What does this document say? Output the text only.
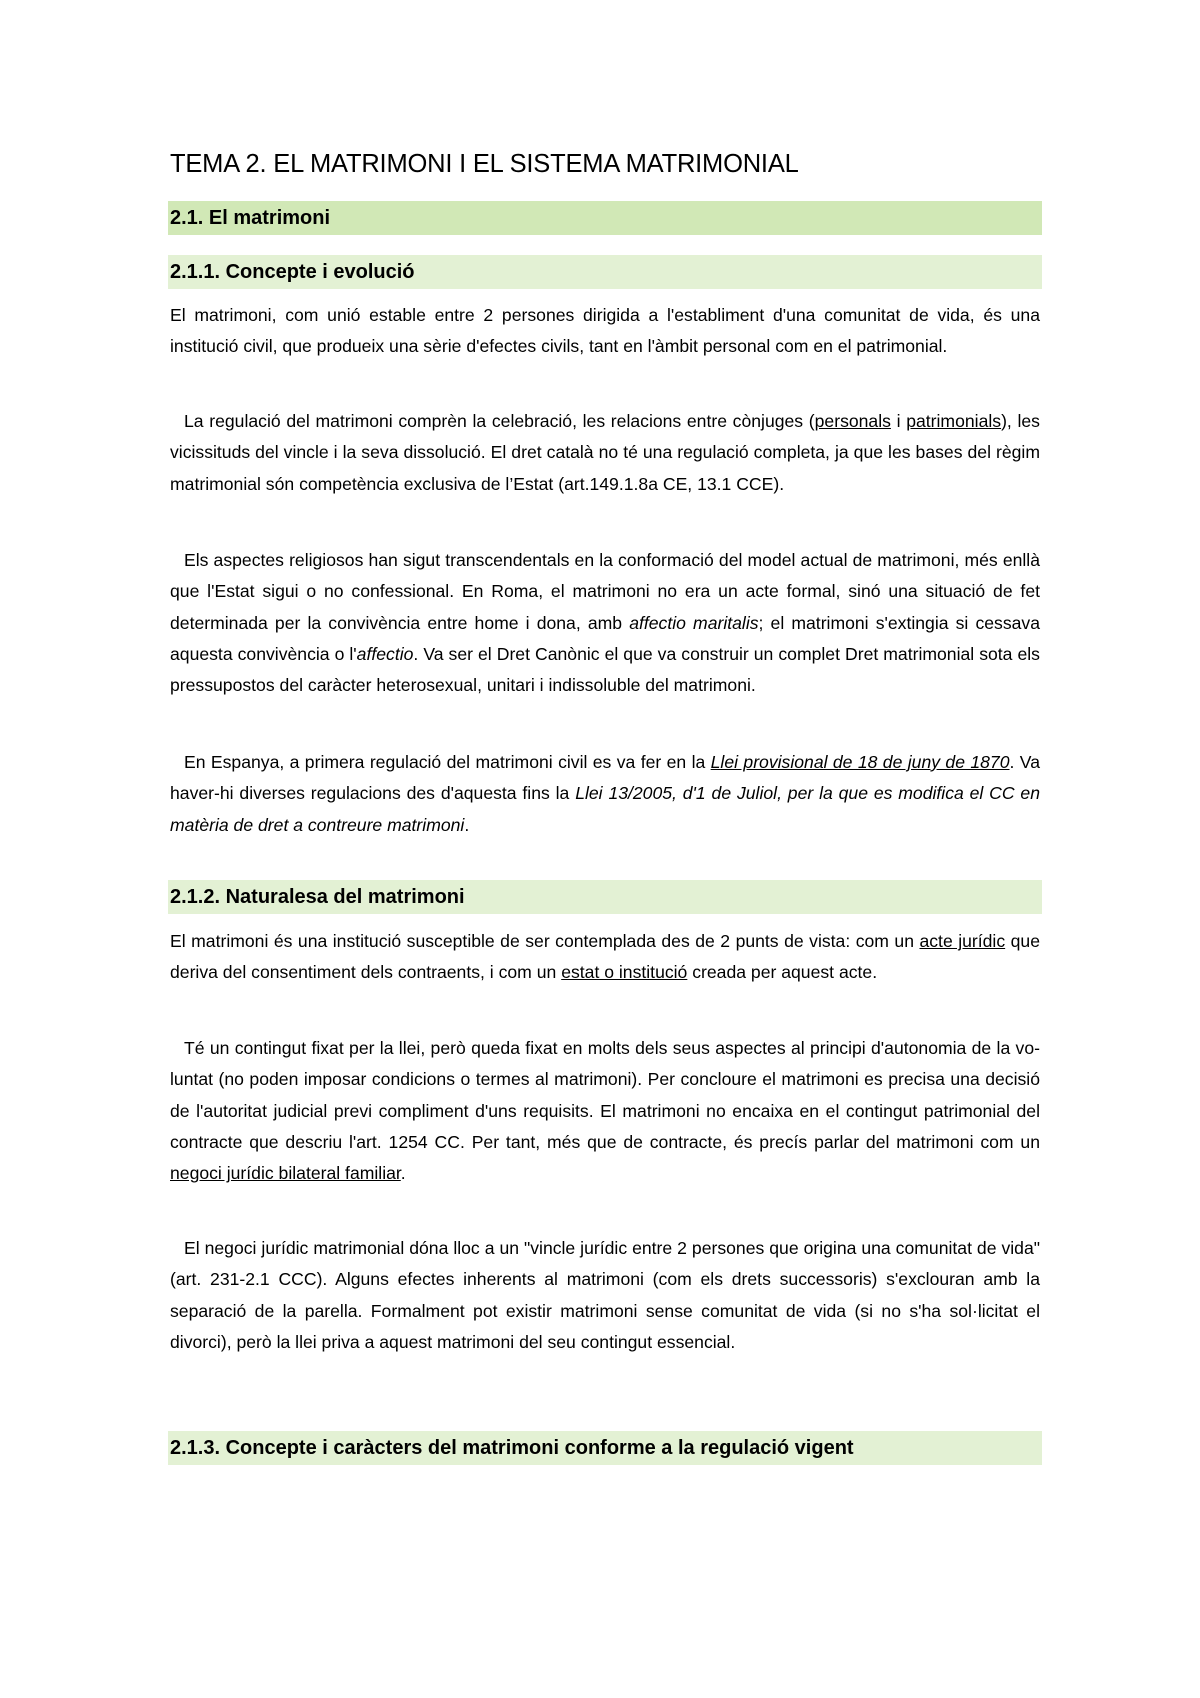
TEMA 2. EL MATRIMONI I EL SISTEMA MATRIMONIAL
2.1. El matrimoni
2.1.1. Concepte i evolució

El matrimoni, com unió estable entre 2 persones dirigida a l'establiment d'una comunitat de vida, és una institució civil, que produeix una sèrie d'efectes civils, tant en l'àmbit personal com en el patrimonial.

La regulació del matrimoni comprèn la celebració, les relacions entre cònjuges (personals i patrimonials), les vicissituds del vincle i la seva dissolució. El dret català no té una regulació completa, ja que les bases del règim matrimonial són competència exclusiva de l’Estat (art.149.1.8a CE, 13.1 CCE).

Els aspectes religiosos han sigut transcendentals en la conformació del model actual de matrimoni, més enllà que l'Estat sigui o no confessional. En Roma, el matrimoni no era un acte formal, sinó una situació de fet determinada per la convivència entre home i dona, amb affectio maritalis; el matrimoni s'extingia si cessava aquesta convivència o l'affectio. Va ser el Dret Canònic el que va construir un complet Dret matrimonial sota els pressupostos del caràcter heterosexual, unitari i indissoluble del matrimoni.

En Espanya, a primera regulació del matrimoni civil es va fer en la Llei provisional de 18 de juny de 1870. Va haver-hi diverses regulacions des d'aquesta fins la Llei 13/2005, d'1 de Juliol, per la que es modifica el CC en matèria de dret a contreure matrimoni.

2.1.2. Naturalesa del matrimoni

El matrimoni és una institució susceptible de ser contemplada des de 2 punts de vista: com un acte jurídic que deriva del consentiment dels contraents, i com un estat o institució creada per aquest acte.

Té un contingut fixat per la llei, però queda fixat en molts dels seus aspectes al principi d'autonomia de la vo-luntat (no poden imposar condicions o termes al matrimoni). Per concloure el matrimoni es precisa una decisió de l'autoritat judicial previ compliment d'uns requisits. El matrimoni no encaixa en el contingut patrimonial del contracte que descriu l'art. 1254 CC. Per tant, més que de contracte, és precís parlar del matrimoni com un negoci jurídic bilateral familiar.

El negoci jurídic matrimonial dóna lloc a un "vincle jurídic entre 2 persones que origina una comunitat de vida" (art. 231-2.1 CCC). Alguns efectes inherents al matrimoni (com els drets successoris) s'exclouran amb la separació de la parella. Formalment pot existir matrimoni sense comunitat de vida (si no s'ha sol·licitat el divorci), però la llei priva a aquest matrimoni del seu contingut essencial.

2.1.3. Concepte i caràcters del matrimoni conforme a la regulació vigent
